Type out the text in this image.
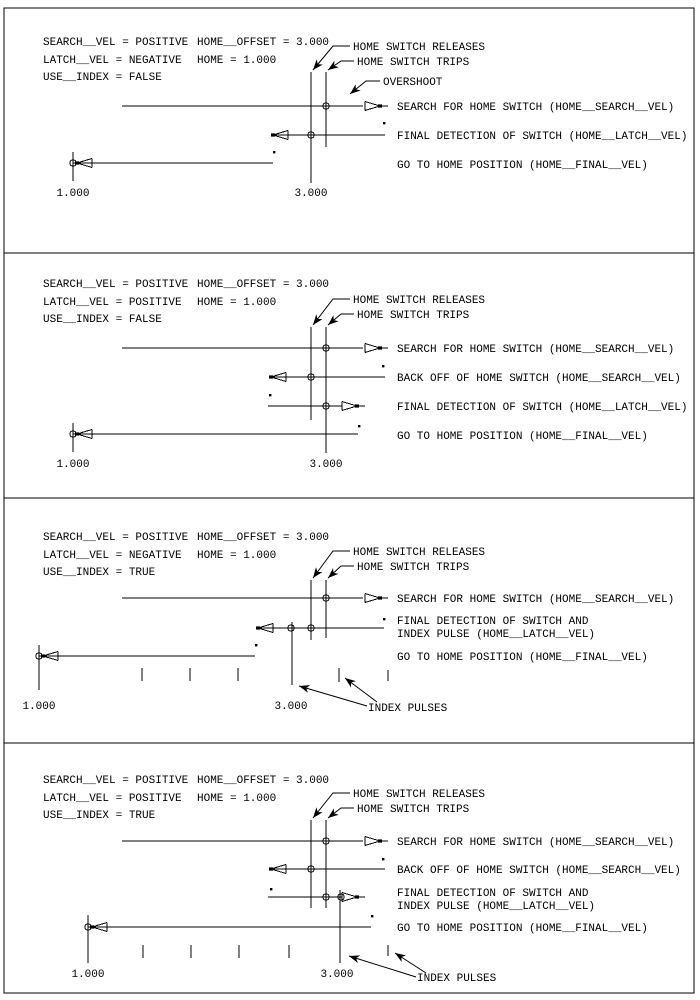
SEARCH__VEL = POSITIVE HOME__OFFSET = 3.000
LATCH__VEL = NEGATIVE HOME = 1.000
USE__INDEX = FALSE
HOME SWITCH RELEASES
HOME SWITCH TRIPS
OVERSHOOT
SEARCH FOR HOME SWITCH (HOME__SEARCH__VEL)
FINAL DETECTION OF SWITCH (HOME__LATCH__VEL)
GO TO HOME POSITION (HOME__FINAL__VEL)
1.000	3.000
SEARCH__VEL = POSITIVE HOME__OFFSET = 3.000
LATCH__VEL = POSITIVE HOME = 1.000
USE__INDEX = FALSE
HOME SWITCH RELEASES
HOME SWITCH TRIPS
SEARCH FOR HOME SWITCH (HOME__SEARCH__VEL)
BACK OFF OF HOME SWITCH (HOME__SEARCH__VEL)
FINAL DETECTION OF SWITCH (HOME__LATCH__VEL)
GO TO HOME POSITION (HOME__FINAL__VEL)
1.000	3.000
SEARCH__VEL = POSITIVE HOME__OFFSET = 3.000
LATCH__VEL = NEGATIVE HOME = 1.000
USE__INDEX = TRUE
HOME SWITCH RELEASES
HOME SWITCH TRIPS
SEARCH FOR HOME SWITCH (HOME__SEARCH__VEL)
FINAL DETECTION OF SWITCH AND
INDEX PULSE (HOME__LATCH__VEL)
GO TO HOME POSITION (HOME__FINAL__VEL)
1.000	3.000	INDEX PULSES
SEARCH__VEL = POSITIVE HOME__OFFSET = 3.000
LATCH__VEL = POSITIVE HOME = 1.000
USE__INDEX = TRUE
HOME SWITCH RELEASES
HOME SWITCH TRIPS
SEARCH FOR HOME SWITCH (HOME__SEARCH__VEL)
BACK OFF OF HOME SWITCH (HOME__SEARCH__VEL)
FINAL DETECTION OF SWITCH AND
INDEX PULSE (HOME__LATCH__VEL)
GO TO HOME POSITION (HOME__FINAL__VEL)
1.000	3.000	INDEX PULSES
